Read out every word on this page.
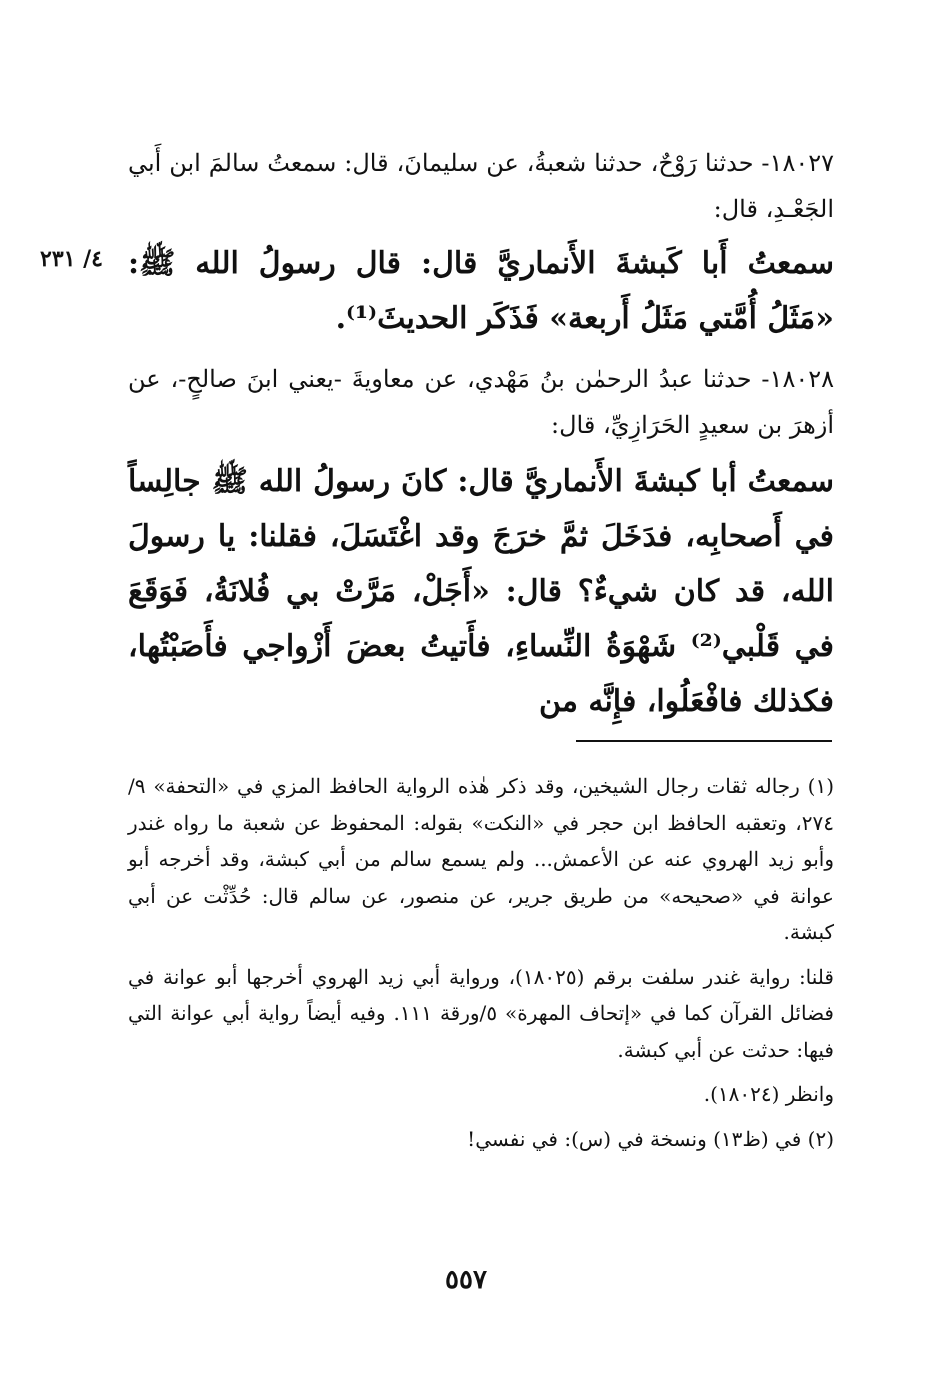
٤/ ٢٣١

١٨٠٢٧- حدثنا رَوْحٌ، حدثنا شعبةُ، عن سليمانَ، قال: سمعتُ سالمَ ابن أَبي الجَعْـدِ، قال:

سمعتُ أَبا كَبشةَ الأَنماريَّ قال: قال رسولُ الله ﷺ: «مَثَلُ أُمَّتي مَثَلُ أَربعة» فَذَكَر الحديثَ⁽¹⁾.

١٨٠٢٨- حدثنا عبدُ الرحمٰن بنُ مَهْدي، عن معاويةَ -يعني ابنَ صالحٍ-، عن أزهرَ بن سعيدٍ الحَرَازِيِّ، قال:

سمعتُ أبا كبشةَ الأَنماريَّ قال: كانَ رسولُ الله ﷺ جالِساً في أَصحابِه، فدَخَلَ ثمَّ خرَجَ وقد اغْتَسَلَ، فقلنا: يا رسولَ الله، قد كان شيءٌ؟ قال: «أَجَلْ، مَرَّتْ بي فُلانَةُ، فَوَقَعَ في قَلْبي⁽²⁾ شَهْوَةُ النِّساءِ، فأَتيتُ بعضَ أَزْواجي فأَصَبْتُها، فكذلك فافْعَلُوا، فإِنَّه من

(١) رجاله ثقات رجال الشيخين، وقد ذكر هٰذه الرواية الحافظ المزي في «التحفة» ٩/ ٢٧٤، وتعقبه الحافظ ابن حجر في «النكت» بقوله: المحفوظ عن شعبة ما رواه غندر وأبو زيد الهروي عنه عن الأعمش... ولم يسمع سالم من أبي كبشة، وقد أخرجه أبو عوانة في «صحيحه» من طريق جرير، عن منصور، عن سالم قال: حُدِّثْت عن أبي كبشة.

قلنا: رواية غندر سلفت برقم (١٨٠٢٥)، ورواية أبي زيد الهروي أخرجها أبو عوانة في فضائل القرآن كما في «إتحاف المهرة» ٥/ورقة ١١١. وفيه أيضاً رواية أبي عوانة التي فيها: حدثت عن أبي كبشة.

وانظر (١٨٠٢٤).

(٢) في (ظ١٣) ونسخة في (س): في نفسي!

٥٥٧
